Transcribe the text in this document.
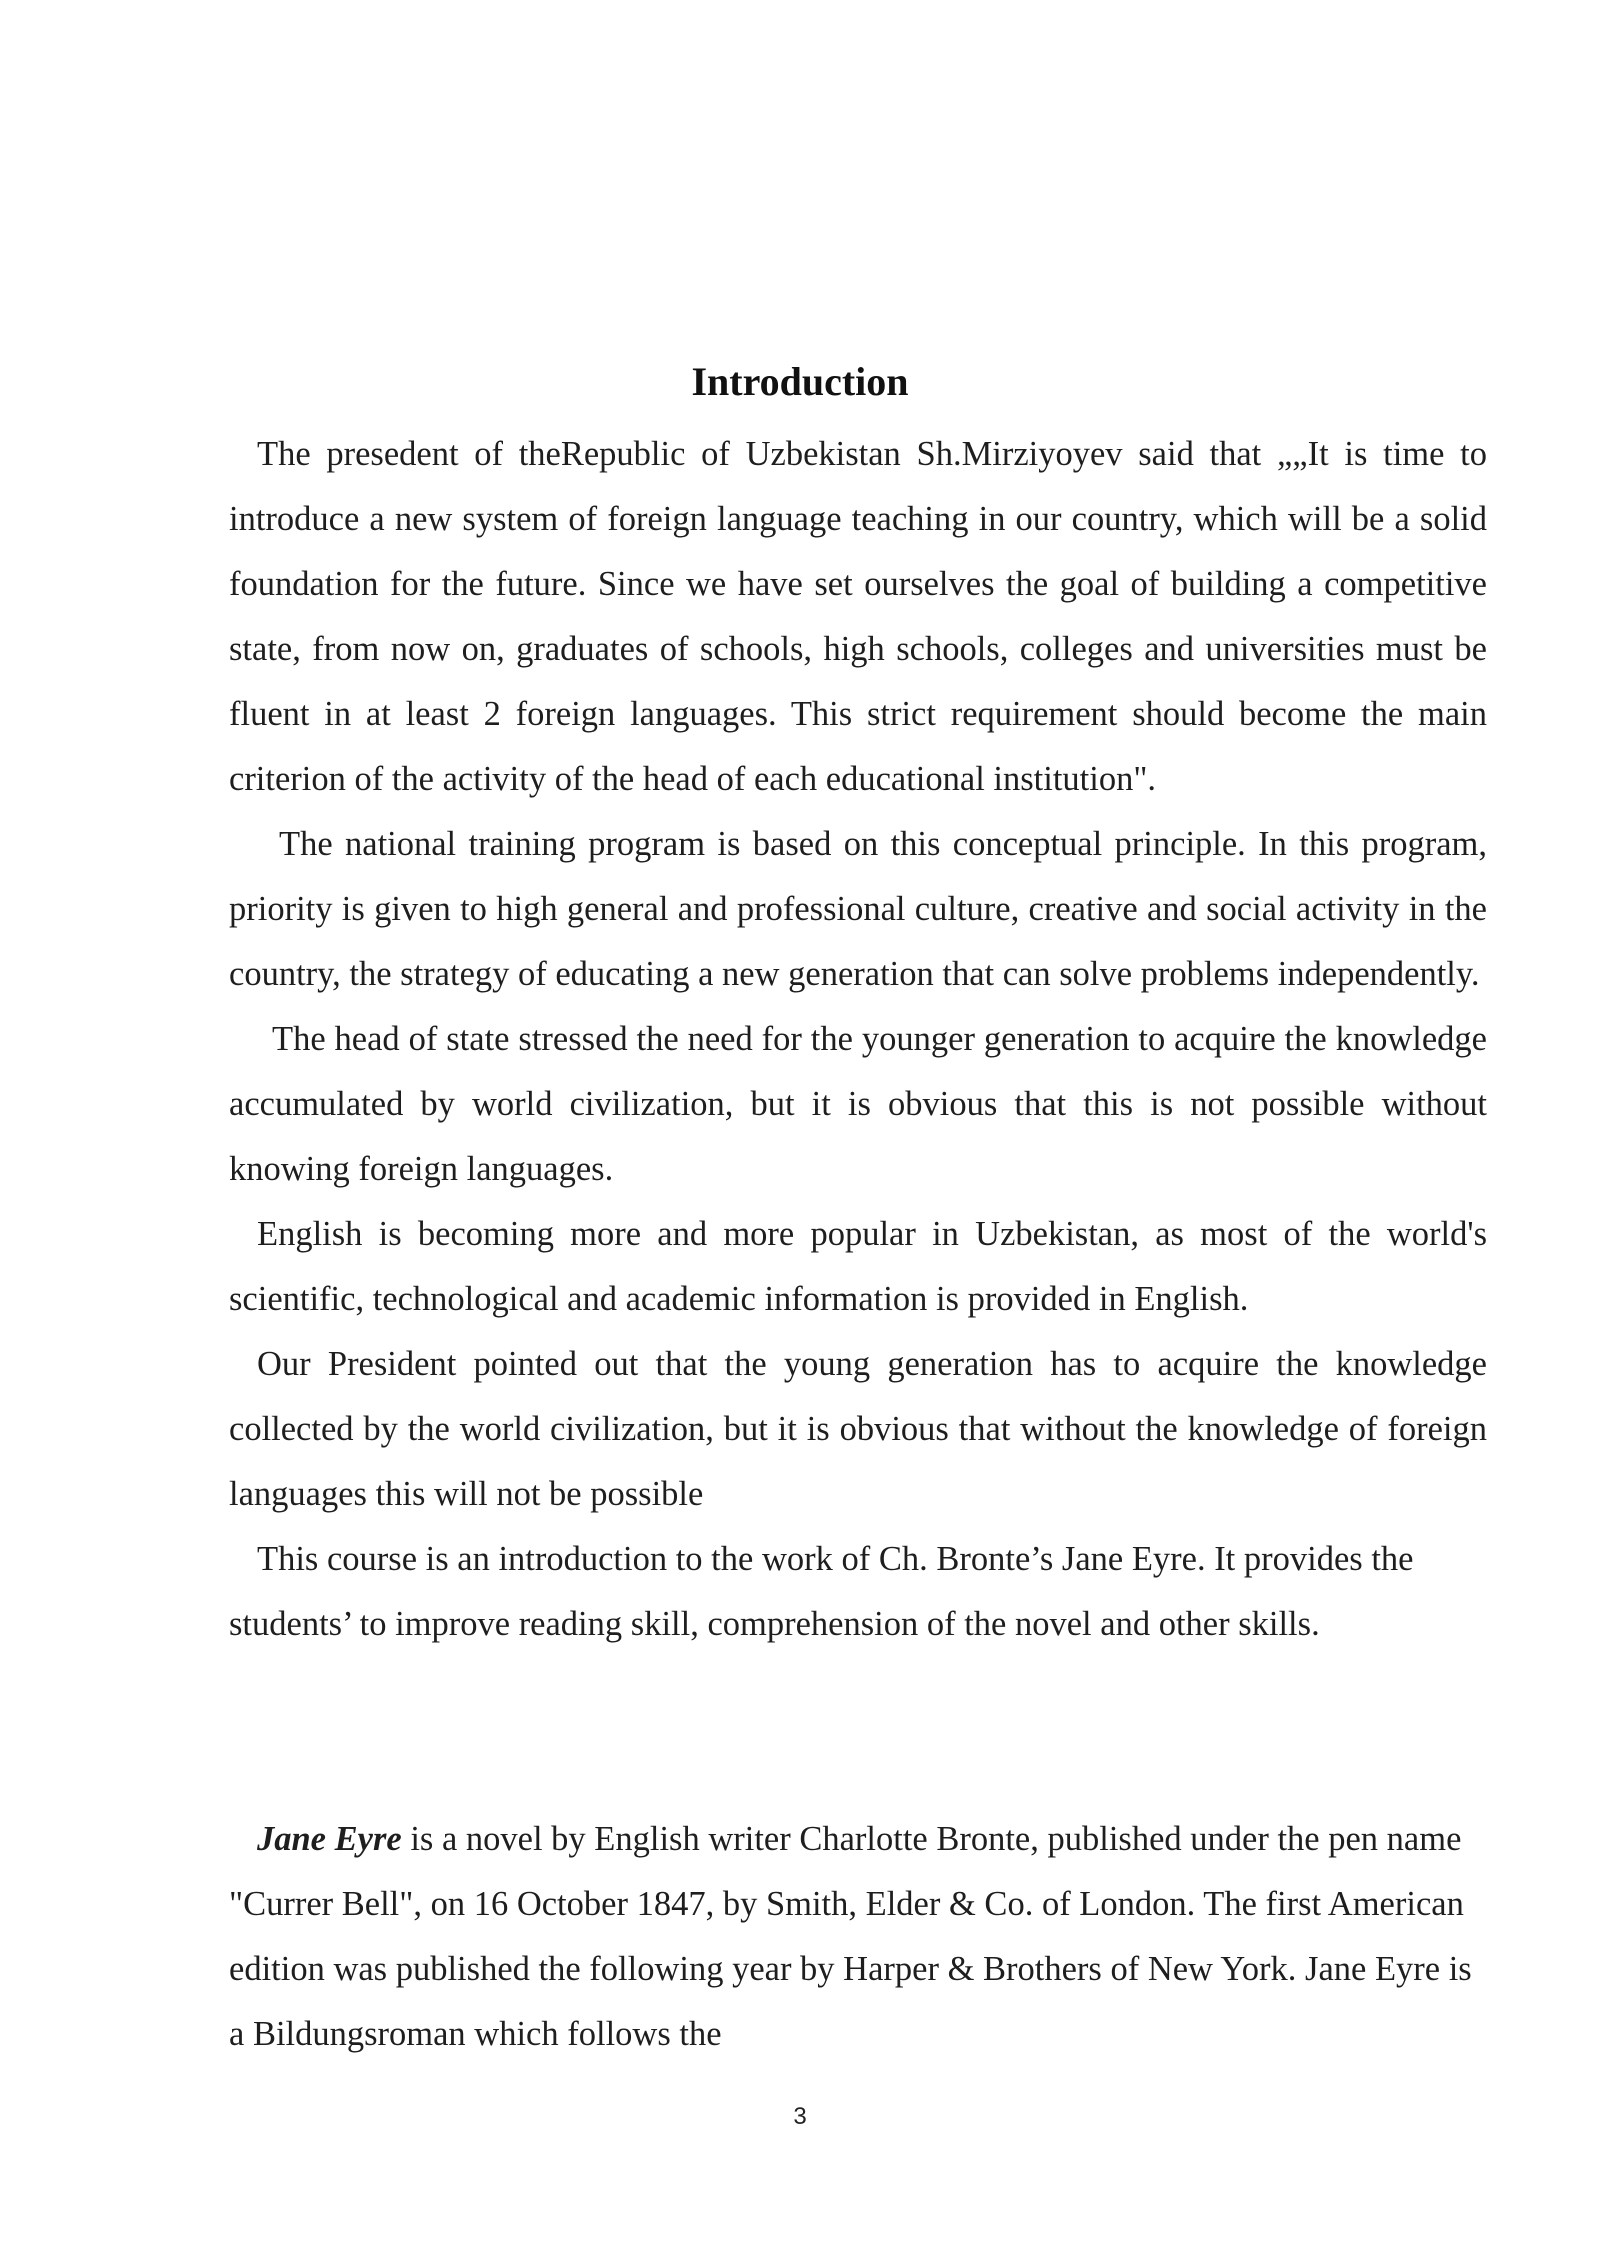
Introduction

The presedent of theRepublic of Uzbekistan Sh.Mirziyoyev said that „„It is time to introduce a new system of foreign language teaching in our country, which will be a solid foundation for the future. Since we have set ourselves the goal of building a competitive state, from now on, graduates of schools, high schools, colleges and universities must be fluent in at least 2 foreign languages. This strict requirement should become the main criterion of the activity of the head of each educational institution".

The national training program is based on this conceptual principle. In this program, priority is given to high general and professional culture, creative and social activity in the country, the strategy of educating a new generation that can solve problems independently.

The head of state stressed the need for the younger generation to acquire the knowledge accumulated by world civilization, but it is obvious that this is not possible without knowing foreign languages.

English is becoming more and more popular in Uzbekistan, as most of the world's scientific, technological and academic information is provided in English.

Our President pointed out that the young generation has to acquire the knowledge collected by the world civilization, but it is obvious that without the knowledge of foreign languages this will not be possible

This course is an introduction to the work of Ch. Bronte’s Jane Eyre. It provides the students’ to improve reading skill, comprehension of the novel and other skills.

Jane Eyre is a novel by English writer Charlotte Bronte, published under the pen name "Currer Bell", on 16 October 1847, by Smith, Elder & Co. of London. The first American edition was published the following year by Harper & Brothers of New York. Jane Eyre is a Bildungsroman which follows the

3
